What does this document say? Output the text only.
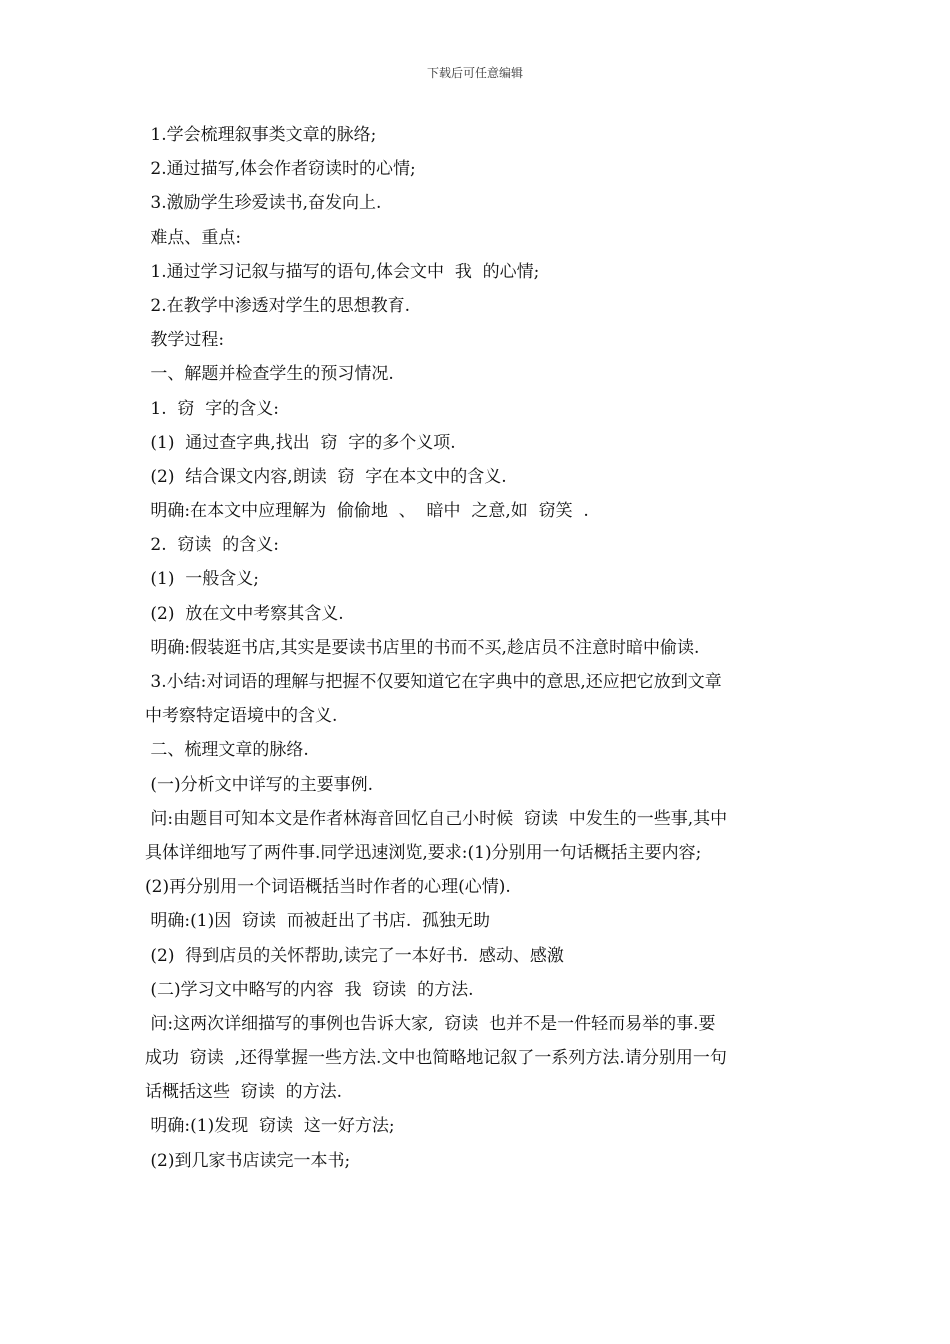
下载后可任意编辑
1.学会梳理叙事类文章的脉络;
2.通过描写,体会作者窃读时的心情;
3.激励学生珍爱读书,奋发向上.
难点、重点:
1.通过学习记叙与描写的语句,体会文中  我  的心情;
2.在教学中渗透对学生的思想教育.
教学过程:
一、解题并检查学生的预习情况.
1.  窃  字的含义:
(1)  通过查字典,找出  窃  字的多个义项.
(2)  结合课文内容,朗读  窃  字在本文中的含义.
明确:在本文中应理解为  偷偷地  、  暗中  之意,如  窃笑  .
2.  窃读  的含义:
(1)  一般含义;
(2)  放在文中考察其含义.
明确:假装逛书店,其实是要读书店里的书而不买,趁店员不注意时暗中偷读.
3.小结:对词语的理解与把握不仅要知道它在字典中的意思,还应把它放到文章
中考察特定语境中的含义.
二、梳理文章的脉络.
(一)分析文中详写的主要事例.
问:由题目可知本文是作者林海音回忆自己小时候  窃读  中发生的一些事,其中
具体详细地写了两件事.同学迅速浏览,要求:(1)分别用一句话概括主要内容;
(2)再分别用一个词语概括当时作者的心理(心情).
明确:(1)因  窃读  而被赶出了书店.  孤独无助
(2)  得到店员的关怀帮助,读完了一本好书.  感动、感激
(二)学习文中略写的内容  我  窃读  的方法.
问:这两次详细描写的事例也告诉大家,  窃读  也并不是一件轻而易举的事.要
成功  窃读  ,还得掌握一些方法.文中也简略地记叙了一系列方法.请分别用一句
话概括这些  窃读  的方法.
明确:(1)发现  窃读  这一好方法;
(2)到几家书店读完一本书;
